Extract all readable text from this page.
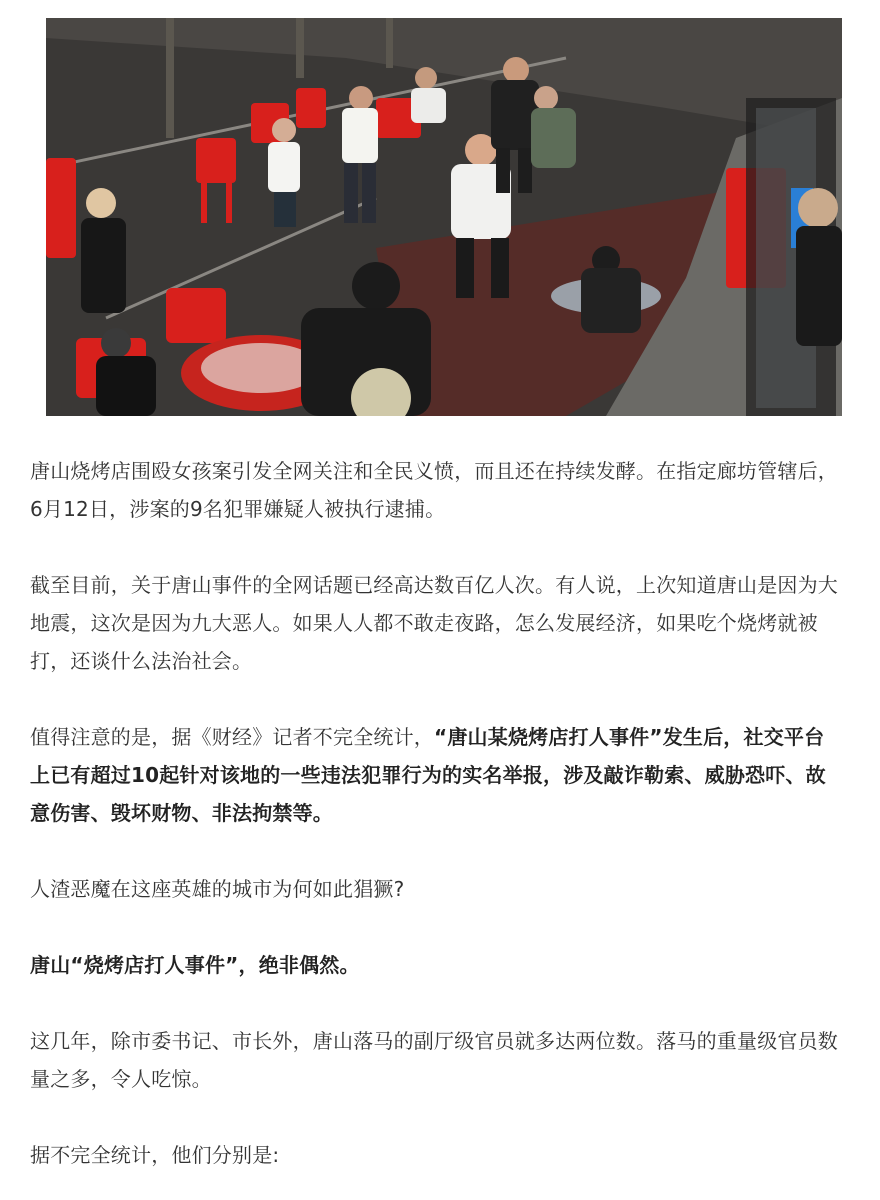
唐山烧烤店围殴女孩案引发全网关注和全民义愤，而且还在持续发酵。在指定廊坊管辖后，
6月12日，涉案的9名犯罪嫌疑人被执行逮捕。

截至目前，关于唐山事件的全网话题已经高达数百亿人次。有人说，上次知道唐山是因为大
地震，这次是因为九大恶人。如果人人都不敢走夜路，怎么发展经济，如果吃个烧烤就被
打，还谈什么法治社会。

值得注意的是，据《财经》记者不完全统计，“唐山某烧烤店打人事件”发生后，社交平台
上已有超过10起针对该地的一些违法犯罪行为的实名举报，涉及敲诈勒索、威胁恐吓、故
意伤害、毁坏财物、非法拘禁等。

人渣恶魔在这座英雄的城市为何如此猖獗?

唐山“烧烤店打人事件”，绝非偶然。

这几年，除市委书记、市长外，唐山落马的副厅级官员就多达两位数。落马的重量级官员数
量之多，令人吃惊。

据不完全统计，他们分别是:
